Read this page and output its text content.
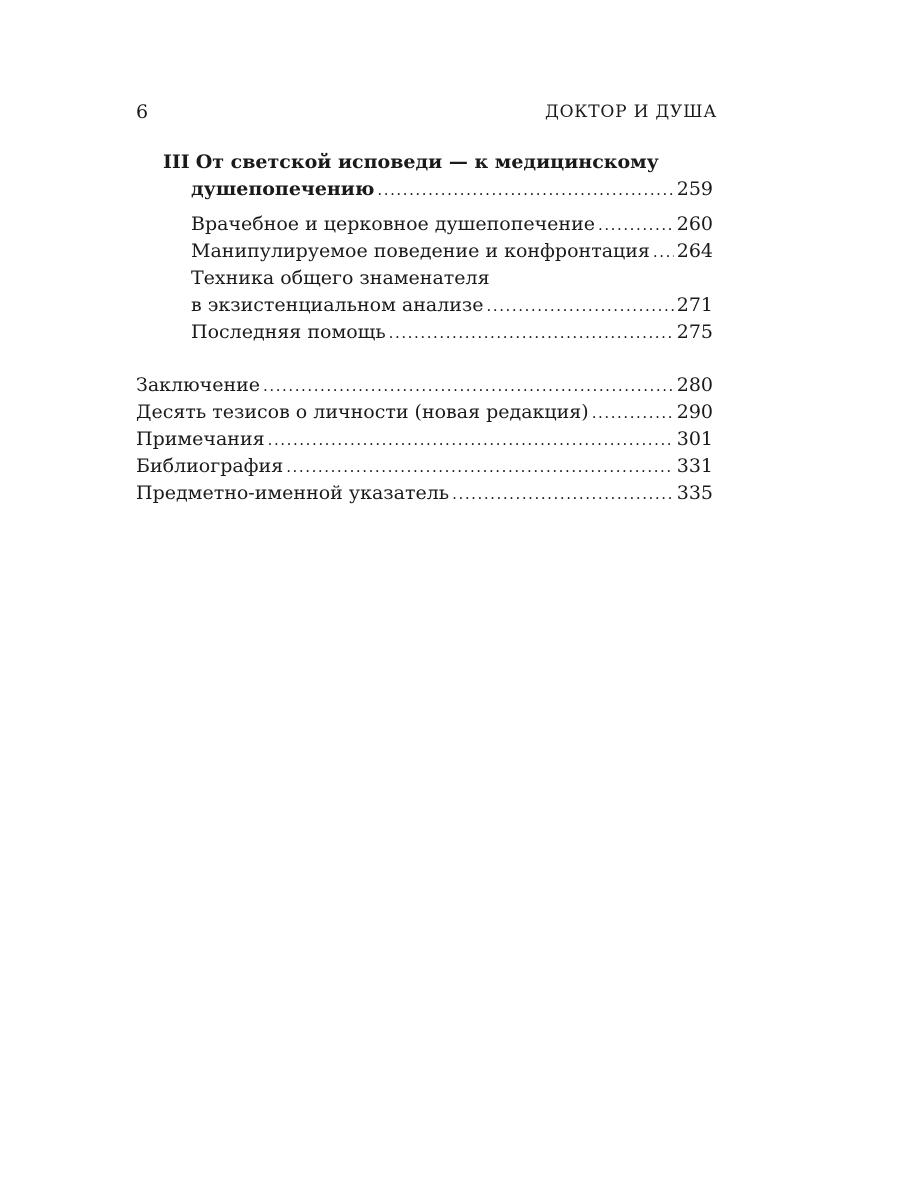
6	ДОКТОР И ДУША
III От светской исповеди — к медицинскому
душепопечению . . .	259
Врачебное и церковное душепопечение . . .	260
Манипулируемое поведение и конфронтация . . . 264
Техника общего знаменателя
в экзистенциальном анализе . . .	271
Последняя помощь . . .	275
Заключение . . .	280
Десять тезисов о личности (новая редакция) . . .	290
Примечания . . .	301
Библиография . . .	331
Предметно-именной указатель . . .	335
